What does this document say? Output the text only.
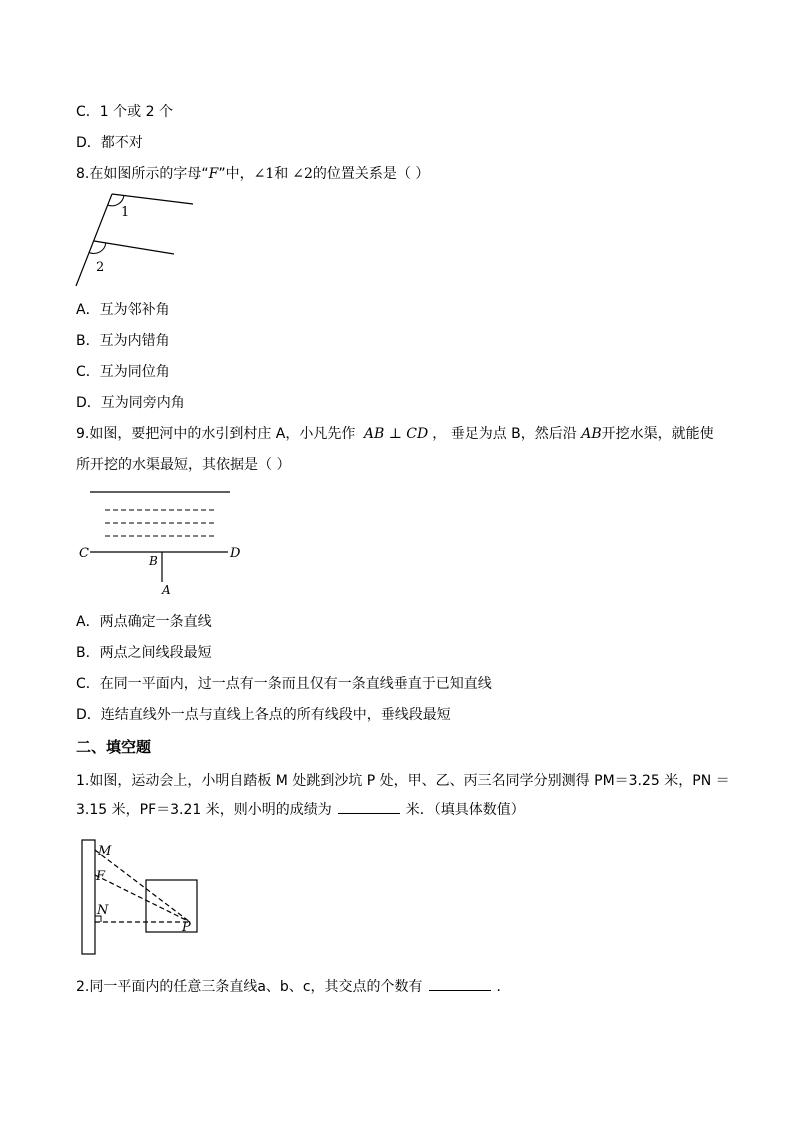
C．1 个或 2 个
D．都不对
8.在如图所示的字母“F”中，∠1和 ∠2的位置关系是（ ）
1
2
A．互为邻补角
B．互为内错角
C．互为同位角
D．互为同旁内角
9.如图，要把河中的水引到村庄 A，小凡先作 AB ⊥ CD ， 垂足为点 B，然后沿 AB开挖水渠，就能使
所开挖的水渠最短，其依据是（ ）
C	D
B
A
A．两点确定一条直线
B．两点之间线段最短
C．在同一平面内，过一点有一条而且仅有一条直线垂直于已知直线
D．连结直线外一点与直线上各点的所有线段中，垂线段最短
二、填空题
1.如图，运动会上，小明自踏板 M 处跳到沙坑 P 处，甲、乙、丙三名同学分别测得 PM＝3.25 米，PN ＝3.15 米，PF＝3.21 米，则小明的成绩为	米．（填具体数值）
M
F
N
P
2.同一平面内的任意三条直线a、b、c，其交点的个数有	．
